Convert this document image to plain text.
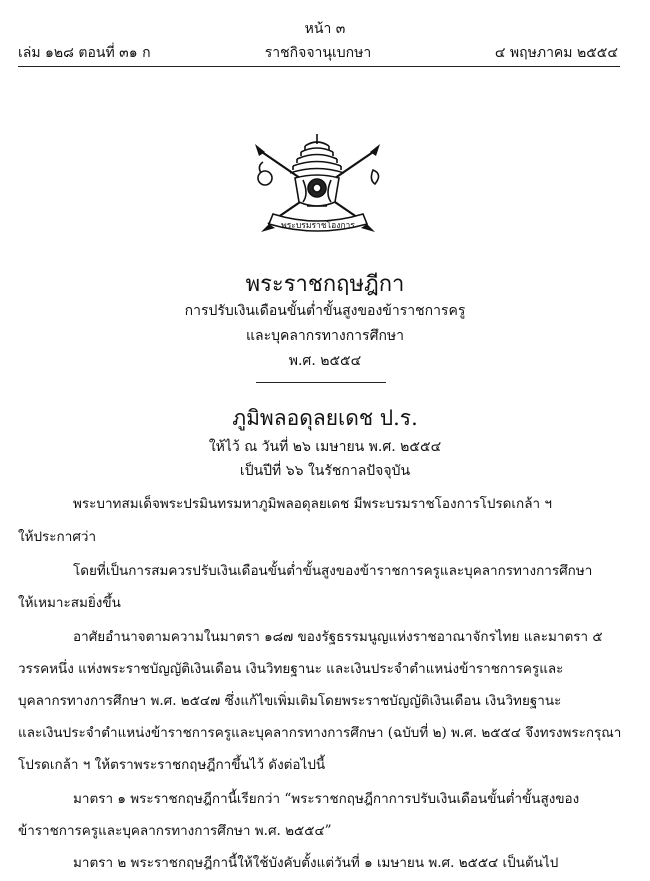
หน้า ๓
เล่ม ๑๒๘ ตอนที่ ๓๑ ก	ราชกิจจานุเบกษา	๔ พฤษภาคม ๒๕๕๔
พระบรมราชโองการ
พระราชกฤษฎีกา
การปรับเงินเดือนขั้นต่ำขั้นสูงของข้าราชการครู
และบุคลากรทางการศึกษา
พ.ศ. ๒๕๕๔
ภูมิพลอดุลยเดช ป.ร.
ให้ไว้ ณ วันที่ ๒๖ เมษายน พ.ศ. ๒๕๕๔
เป็นปีที่ ๖๖ ในรัชกาลปัจจุบัน
พระบาทสมเด็จพระปรมินทรมหาภูมิพลอดุลยเดช มีพระบรมราชโองการโปรดเกล้า ฯ
ให้ประกาศว่า
โดยที่เป็นการสมควรปรับเงินเดือนขั้นต่ำขั้นสูงของข้าราชการครูและบุคลากรทางการศึกษา
ให้เหมาะสมยิ่งขึ้น
อาศัยอำนาจตามความในมาตรา ๑๘๗ ของรัฐธรรมนูญแห่งราชอาณาจักรไทย และมาตรา ๕
วรรคหนึ่ง แห่งพระราชบัญญัติเงินเดือน เงินวิทยฐานะ และเงินประจำตำแหน่งข้าราชการครูและ
บุคลากรทางการศึกษา พ.ศ. ๒๕๔๗ ซึ่งแก้ไขเพิ่มเติมโดยพระราชบัญญัติเงินเดือน เงินวิทยฐานะ
และเงินประจำตำแหน่งข้าราชการครูและบุคลากรทางการศึกษา (ฉบับที่ ๒) พ.ศ. ๒๕๕๔ จึงทรงพระกรุณา
โปรดเกล้า ฯ ให้ตราพระราชกฤษฎีกาขึ้นไว้ ดังต่อไปนี้
มาตรา ๑ พระราชกฤษฎีกานี้เรียกว่า “พระราชกฤษฎีกาการปรับเงินเดือนขั้นต่ำขั้นสูงของ
ข้าราชการครูและบุคลากรทางการศึกษา พ.ศ. ๒๕๕๔”
มาตรา ๒ พระราชกฤษฎีกานี้ให้ใช้บังคับตั้งแต่วันที่ ๑ เมษายน พ.ศ. ๒๕๕๔ เป็นต้นไป
